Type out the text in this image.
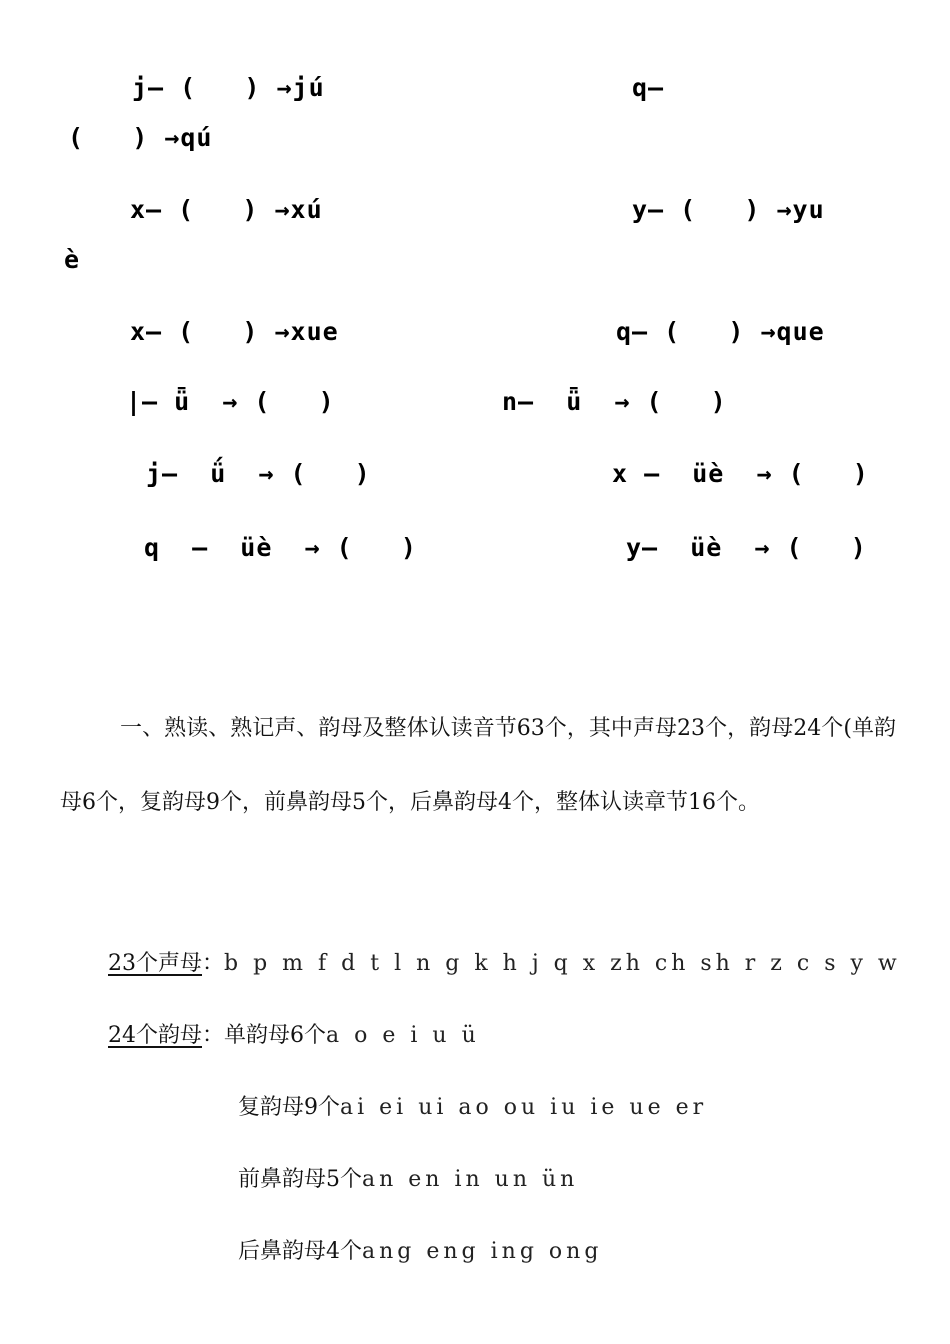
j— (   ) →jú	q—
(   ) →qú
x— (   ) →xú	y— (   ) →yu
è
x— (   ) →xue	q— (   ) →que
|— ǖ  → (   )	n—  ǖ  → (   )
j—  ǘ  → (   )	x —  üè  → (   )
q  —  üè  → (   )	y—  üè  → (   )
一、熟读、熟记声、韵母及整体认读音节63个，其中声母23个，韵母24个(单韵母6个，复韵母9个，前鼻韵母5个，后鼻韵母4个，整体认读章节16个。
23个声母：b p m f d t l n g k h j q x zh ch sh r z c s y w
24个韵母：单韵母6个a o e i u ü
复韵母9个ai ei ui ao ou iu ie ue er
前鼻韵母5个an en in un ün
后鼻韵母4个ang eng ing ong
